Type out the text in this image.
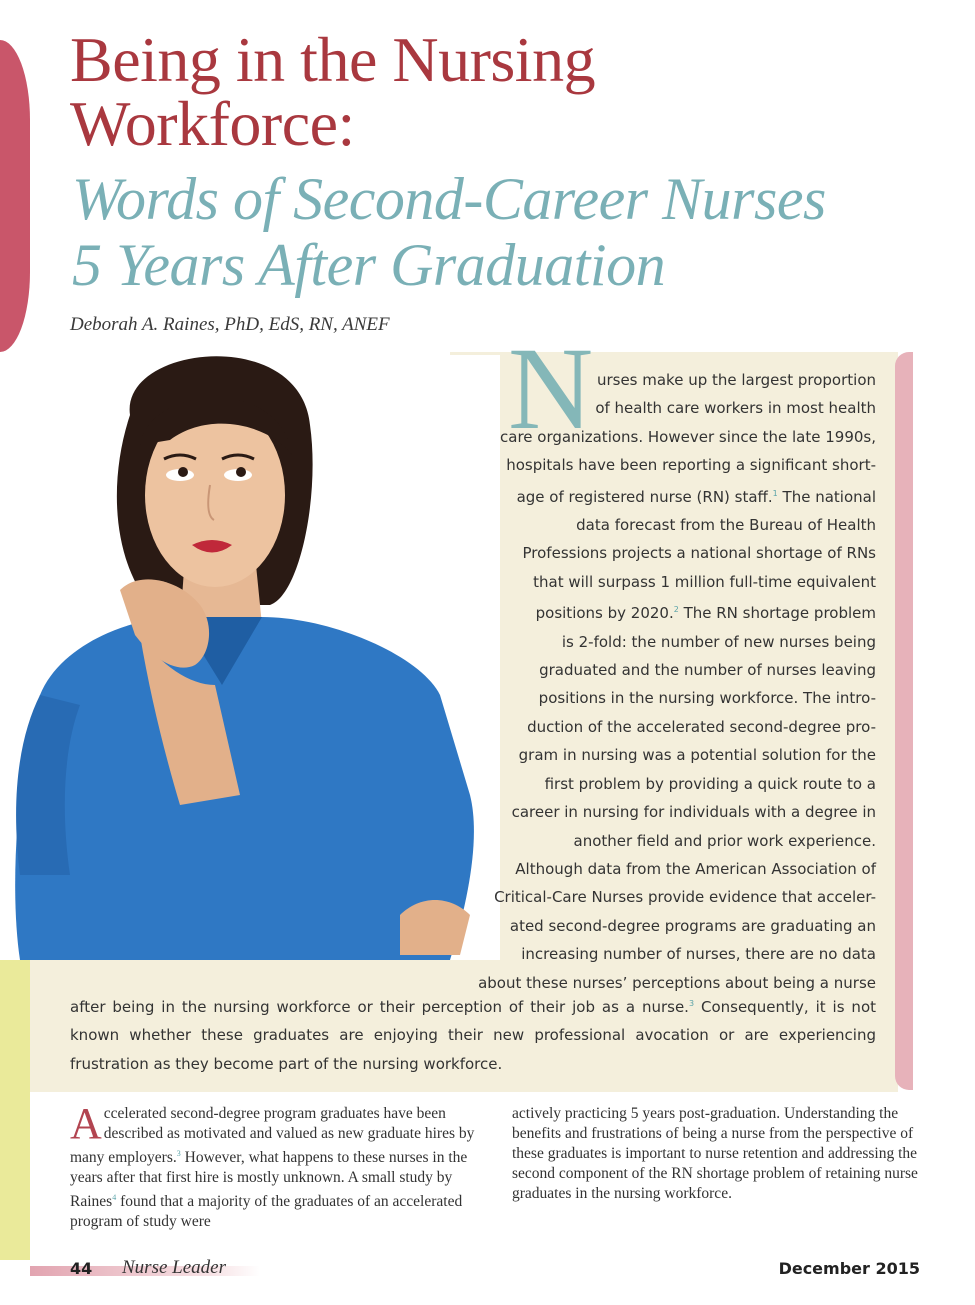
Being in the Nursing
Workforce:
Words of Second-Career Nurses
5 Years After Graduation

Deborah A. Raines, PhD, EdS, RN, ANEF N urses make up the largest proportion
of health care workers in most health
care organizations. However since the late 1990s,
hospitals have been reporting a significant short-
age of registered nurse (RN) staff.$^1$ The national
data forecast from the Bureau of Health
Professions projects a national shortage of RNs
that will surpass 1 million full-time equivalent
positions by 2020.$^2$ The RN shortage problem
is 2-fold: the number of new nurses being
graduated and the number of nurses leaving
positions in the nursing workforce. The intro-
duction of the accelerated second-degree pro-
gram in nursing was a potential solution for the
first problem by providing a quick route to a
career in nursing for individuals with a degree in
another field and prior work experience.
Although data from the American Association of
Critical-Care Nurses provide evidence that acceler-
ated second-degree programs are graduating an
increasing number of nurses, there are no data
about these nurses’ perceptions about being a nurse
after being in the nursing workforce or their perception of their job as a nurse.$^3$ Consequently, it is not known whether these graduates are enjoying their new professional avocation or are experiencing frustration as they become part of the nursing workforce.
Accelerated second-degree program graduates have been described as motivated and valued as new graduate hires by many employers.$^3$ However, what happens to these nurses in the years after that first hire is mostly unknown. A small study by Raines$^4$ found that a majority of the graduates of an accelerated program of study were
actively practicing 5 years post-graduation. Understanding the benefits and frustrations of being a nurse from the perspective of these graduates is important to nurse retention and addressing the second component of the RN shortage problem of retaining nurse graduates in the nursing workforce.
44 Nurse Leader	December 2015
